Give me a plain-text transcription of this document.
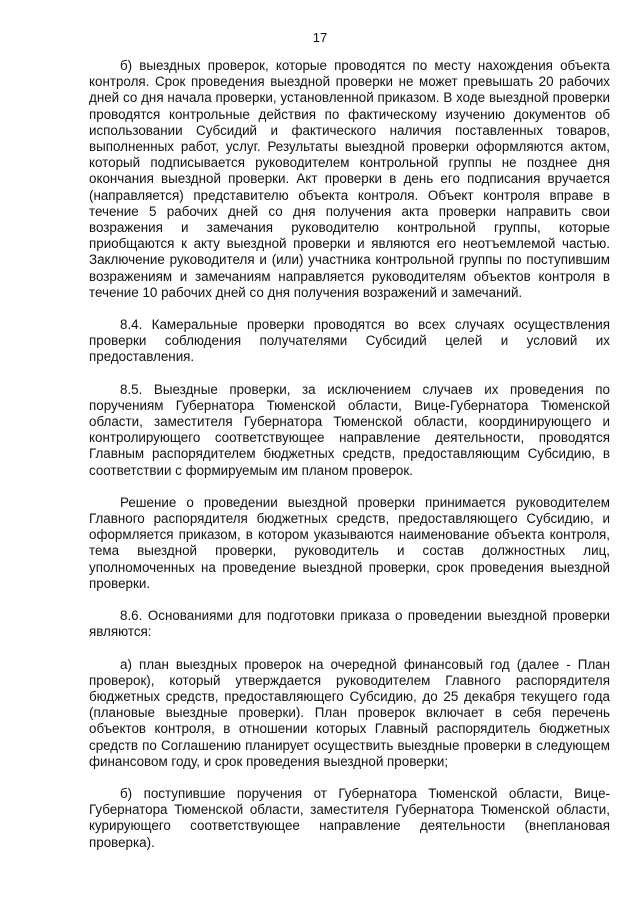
17

б) выездных проверок, которые проводятся по месту нахождения объекта контроля. Срок проведения выездной проверки не может превышать 20 рабочих дней со дня начала проверки, установленной приказом. В ходе выездной проверки проводятся контрольные действия по фактическому изучению документов об использовании Субсидий и фактического наличия поставленных товаров, выполненных работ, услуг. Результаты выездной проверки оформляются актом, который подписывается руководителем контрольной группы не позднее дня окончания выездной проверки. Акт проверки в день его подписания вручается (направляется) представителю объекта контроля. Объект контроля вправе в течение 5 рабочих дней со дня получения акта проверки направить свои возражения и замечания руководителю контрольной группы, которые приобщаются к акту выездной проверки и являются его неотъемлемой частью. Заключение руководителя и (или) участника контрольной группы по поступившим возражениям и замечаниям направляется руководителям объектов контроля в течение 10 рабочих дней со дня получения возражений и замечаний.

8.4. Камеральные проверки проводятся во всех случаях осуществления проверки соблюдения получателями Субсидий целей и условий их предоставления.

8.5. Выездные проверки, за исключением случаев их проведения по поручениям Губернатора Тюменской области, Вице-Губернатора Тюменской области, заместителя Губернатора Тюменской области, координирующего и контролирующего соответствующее направление деятельности, проводятся Главным распорядителем бюджетных средств, предоставляющим Субсидию, в соответствии с формируемым им планом проверок.

Решение о проведении выездной проверки принимается руководителем Главного распорядителя бюджетных средств, предоставляющего Субсидию, и оформляется приказом, в котором указываются наименование объекта контроля, тема выездной проверки, руководитель и состав должностных лиц, уполномоченных на проведение выездной проверки, срок проведения выездной проверки.

8.6. Основаниями для подготовки приказа о проведении выездной проверки являются:

а) план выездных проверок на очередной финансовый год (далее - План проверок), который утверждается руководителем Главного распорядителя бюджетных средств, предоставляющего Субсидию, до 25 декабря текущего года (плановые выездные проверки). План проверок включает в себя перечень объектов контроля, в отношении которых Главный распорядитель бюджетных средств по Соглашению планирует осуществить выездные проверки в следующем финансовом году, и срок проведения выездной проверки;

б) поступившие поручения от Губернатора Тюменской области, Вице-Губернатора Тюменской области, заместителя Губернатора Тюменской области, курирующего соответствующее направление деятельности (внеплановая проверка).
